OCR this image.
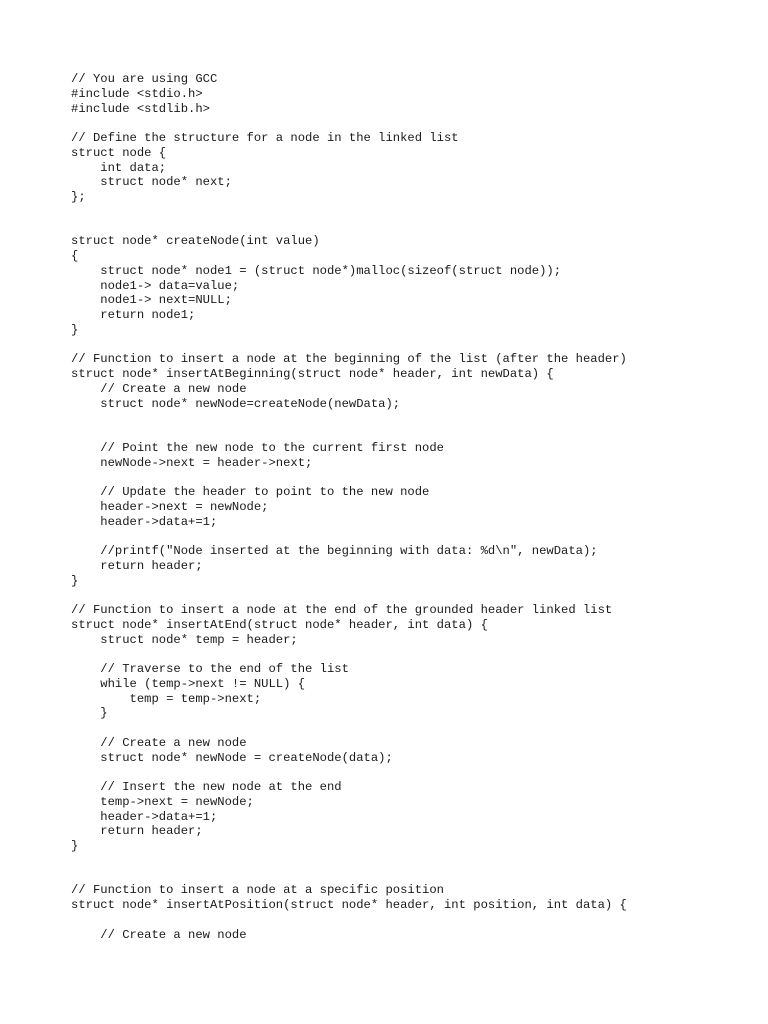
// You are using GCC
#include <stdio.h>
#include <stdlib.h>
// Define the structure for a node in the linked list
struct node {
int data;
struct node* next;
};
struct node* createNode(int value)
{
struct node* node1 = (struct node*)malloc(sizeof(struct node));
node1-> data=value;
node1-> next=NULL;
return node1;
}
// Function to insert a node at the beginning of the list (after the header)
struct node* insertAtBeginning(struct node* header, int newData) {
// Create a new node
struct node* newNode=createNode(newData);
// Point the new node to the current first node
newNode->next = header->next;
// Update the header to point to the new node
header->next = newNode;
header->data+=1;
//printf("Node inserted at the beginning with data: %d\n", newData);
return header;
}
// Function to insert a node at the end of the grounded header linked list
struct node* insertAtEnd(struct node* header, int data) {
struct node* temp = header;
// Traverse to the end of the list
while (temp->next != NULL) {
temp = temp->next;
}
// Create a new node
struct node* newNode = createNode(data);
// Insert the new node at the end
temp->next = newNode;
header->data+=1;
return header;
}
// Function to insert a node at a specific position
struct node* insertAtPosition(struct node* header, int position, int data) {
// Create a new node
